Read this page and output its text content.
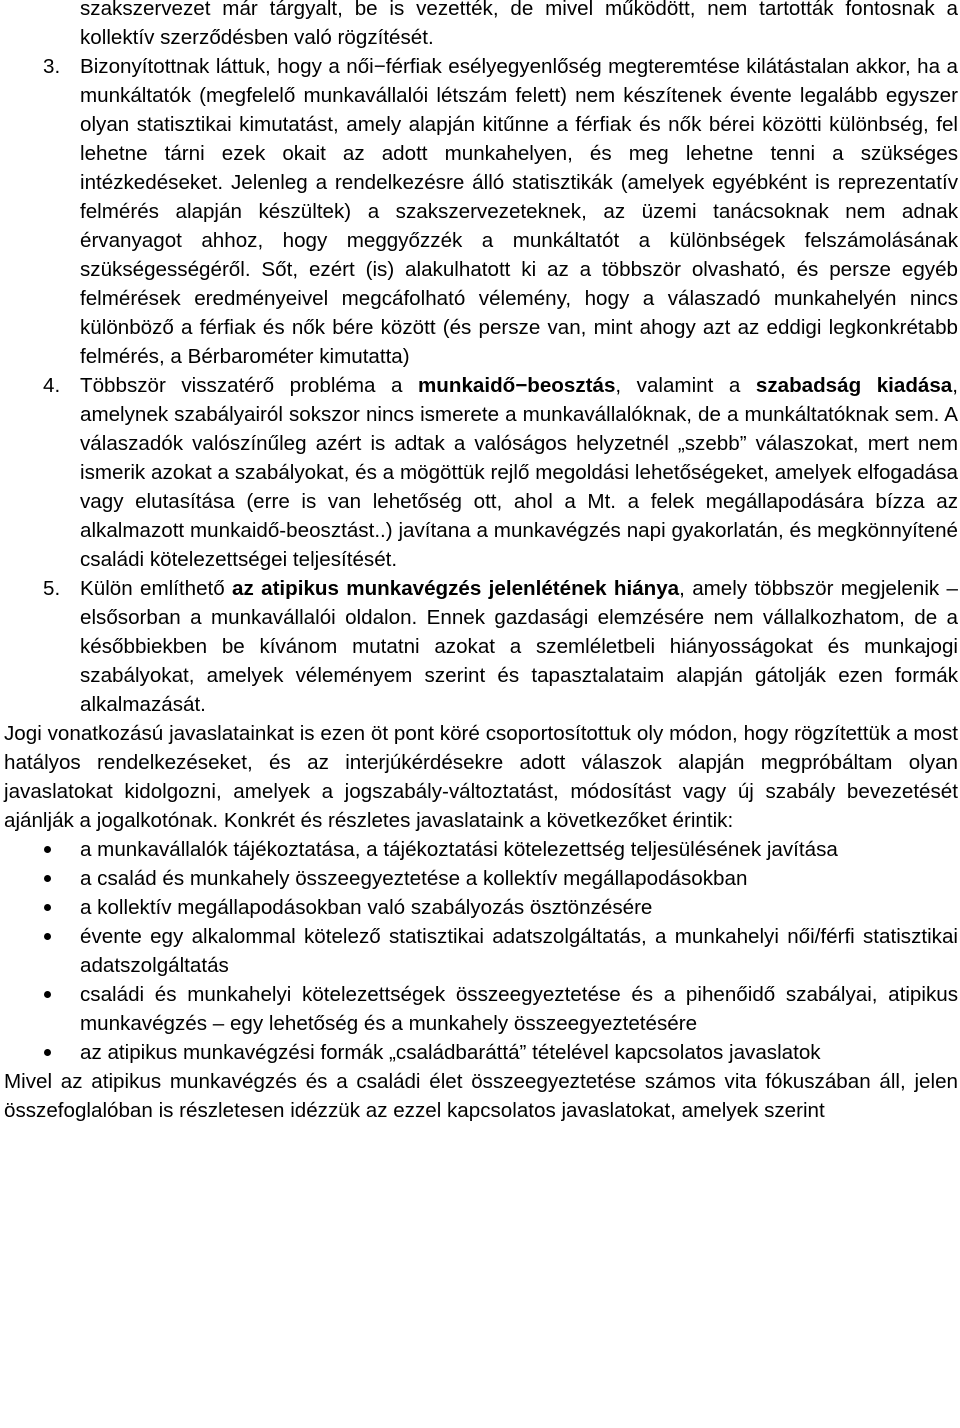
szakszervezet már tárgyalt, be is vezették, de mivel működött, nem tartották fontosnak a kollektív szerződésben való rögzítését.

3. Bizonyítottnak láttuk, hogy a női−férfiak esélyegyenlőség megteremtése kilátástalan akkor, ha a munkáltatók (megfelelő munkavállalói létszám felett) nem készítenek évente legalább egyszer olyan statisztikai kimutatást, amely alapján kitűnne a férfiak és nők bérei közötti különbség, fel lehetne tárni ezek okait az adott munkahelyen, és meg lehetne tenni a szükséges intézkedéseket. Jelenleg a rendelkezésre álló statisztikák (amelyek egyébként is reprezentatív felmérés alapján készültek) a szakszervezeteknek, az üzemi tanácsoknak nem adnak érvanyagot ahhoz, hogy meggyőzzék a munkáltatót a különbségek felszámolásának szükségességéről. Sőt, ezért (is) alakulhatott ki az a többször olvasható, és persze egyéb felmérések eredményeivel megcáfolható vélemény, hogy a válaszadó munkahelyén nincs különböző a férfiak és nők bére között (és persze van, mint ahogy azt az eddigi legkonkrétabb felmérés, a Bérbarométer kimutatta)

4. Többször visszatérő probléma a munkaidő−beosztás, valamint a szabadság kiadása, amelynek szabályairól sokszor nincs ismerete a munkavállalóknak, de a munkáltatóknak sem. A válaszadók valószínűleg azért is adtak a valóságos helyzetnél „szebb” válaszokat, mert nem ismerik azokat a szabályokat, és a mögöttük rejlő megoldási lehetőségeket, amelyek elfogadása vagy elutasítása (erre is van lehetőség ott, ahol a Mt. a felek megállapodására bízza az alkalmazott munkaidő-beosztást..) javítana a munkavégzés napi gyakorlatán, és megkönnyítené családi kötelezettségei teljesítését.

5. Külön említhető az atipikus munkavégzés jelenlétének hiánya, amely többször megjelenik – elsősorban a munkavállalói oldalon. Ennek gazdasági elemzésére nem vállalkozhatom, de a későbbiekben be kívánom mutatni azokat a szemléletbeli hiányosságokat és munkajogi szabályokat, amelyek véleményem szerint és tapasztalataim alapján gátolják ezen formák alkalmazását.

Jogi vonatkozású javaslatainkat is ezen öt pont köré csoportosítottuk oly módon, hogy rögzítettük a most hatályos rendelkezéseket, és az interjúkérdésekre adott válaszok alapján megpróbáltam olyan javaslatokat kidolgozni, amelyek a jogszabály-változtatást, módosítást vagy új szabály bevezetését ajánlják a jogalkotónak. Konkrét és részletes javaslataink a következőket érintik:

a munkavállalók tájékoztatása, a tájékoztatási kötelezettség teljesülésének javítása

a család és munkahely összeegyeztetése a kollektív megállapodásokban

a kollektív megállapodásokban való szabályozás ösztönzésére

évente egy alkalommal kötelező statisztikai adatszolgáltatás, a munkahelyi női/férfi statisztikai adatszolgáltatás

családi és munkahelyi kötelezettségek összeegyeztetése és a pihenőidő szabályai, atipikus munkavégzés – egy lehetőség és a munkahely összeegyeztetésére

az atipikus munkavégzési formák „családbaráttá” tételével kapcsolatos javaslatok

Mivel az atipikus munkavégzés és a családi élet összeegyeztetése számos vita fókuszában áll, jelen összefoglalóban is részletesen idézzük az ezzel kapcsolatos javaslatokat, amelyek szerint
